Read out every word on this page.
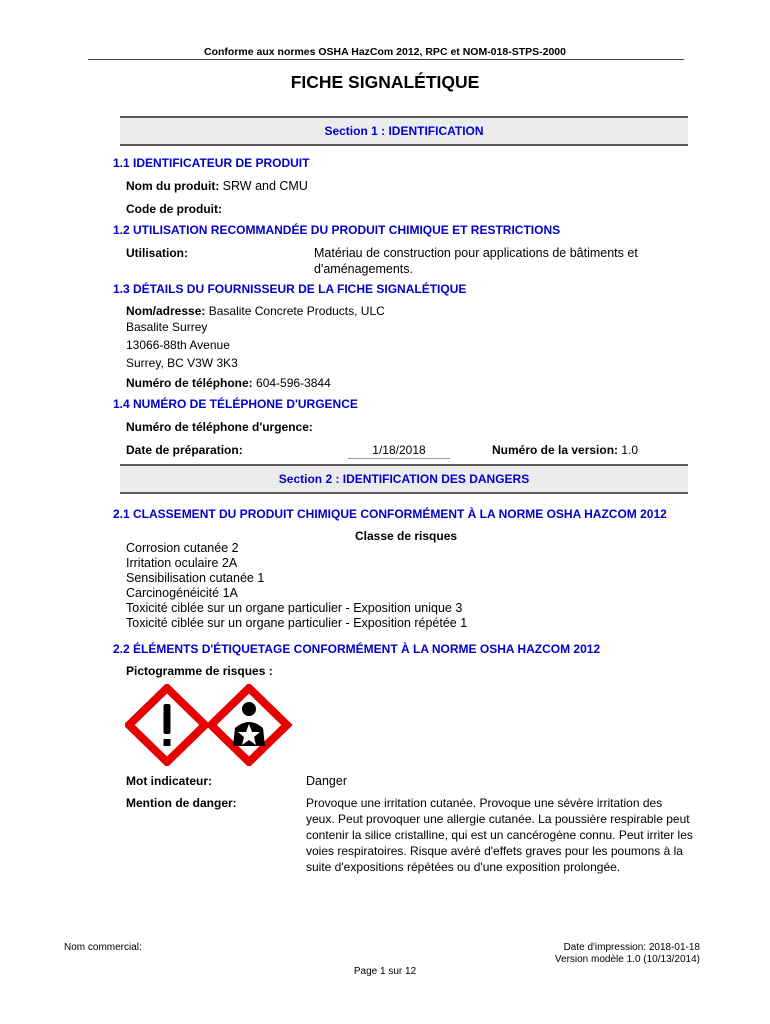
Conforme aux normes OSHA HazCom 2012, RPC et NOM-018-STPS-2000
FICHE SIGNALÉTIQUE
Section 1 : IDENTIFICATION
1.1 IDENTIFICATEUR DE PRODUIT
Nom du produit: SRW and CMU
Code de produit:
1.2 UTILISATION RECOMMANDÉE DU PRODUIT CHIMIQUE ET RESTRICTIONS
Utilisation:	Matériau de construction pour applications de bâtiments et d'aménagements.
1.3 DÉTAILS DU FOURNISSEUR DE LA FICHE SIGNALÉTIQUE
Nom/adresse: Basalite Concrete Products, ULC
Basalite Surrey
13066-88th Avenue
Surrey, BC V3W 3K3
Numéro de téléphone: 604-596-3844
1.4 NUMÉRO DE TÉLÉPHONE D'URGENCE
Numéro de téléphone d'urgence:
Date de préparation:	1/18/2018	Numéro de la version: 1.0
Section 2 : IDENTIFICATION DES DANGERS
2.1 CLASSEMENT DU PRODUIT CHIMIQUE CONFORMÉMENT À LA NORME OSHA HAZCOM 2012
Classe de risques
Corrosion cutanée 2
Irritation oculaire 2A
Sensibilisation cutanée 1
Carcinogénéicité 1A
Toxicité ciblée sur un organe particulier - Exposition unique 3
Toxicité ciblée sur un organe particulier - Exposition répétée 1
2.2 ÉLÉMENTS D'ÉTIQUETAGE CONFORMÉMENT À LA NORME OSHA HAZCOM 2012
Pictogramme de risques :
Mot indicateur:	Danger
Mention de danger:	Provoque une irritation cutanée. Provoque une sévère irritation des
yeux. Peut provoquer une allergie cutanée. La poussière respirable peut
contenir la silice cristalline, qui est un cancérogène connu. Peut irriter les
voies respiratoires. Risque avéré d'effets graves pour les poumons à la
suite d'expositions répétées ou d'une exposition prolongée.
Nom commercial:	Date d'impression: 2018-01-18
Version modèle 1.0 (10/13/2014)
Page 1 sur 12
